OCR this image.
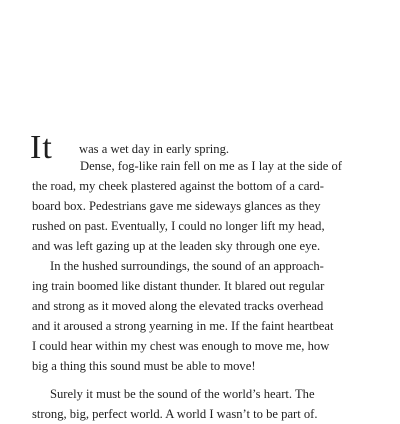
It was a wet day in early spring.
Dense, fog-like rain fell on me as I lay at the side of
the road, my cheek plastered against the bottom of a card-
board box. Pedestrians gave me sideways glances as they
rushed on past. Eventually, I could no longer lift my head,
and was left gazing up at the leaden sky through one eye.
In the hushed surroundings, the sound of an approach-
ing train boomed like distant thunder. It blared out regular
and strong as it moved along the elevated tracks overhead
and it aroused a strong yearning in me. If the faint heartbeat
I could hear within my chest was enough to move me, how
big a thing this sound must be able to move!
Surely it must be the sound of the world’s heart. The
strong, big, perfect world. A world I wasn’t to be part of.
